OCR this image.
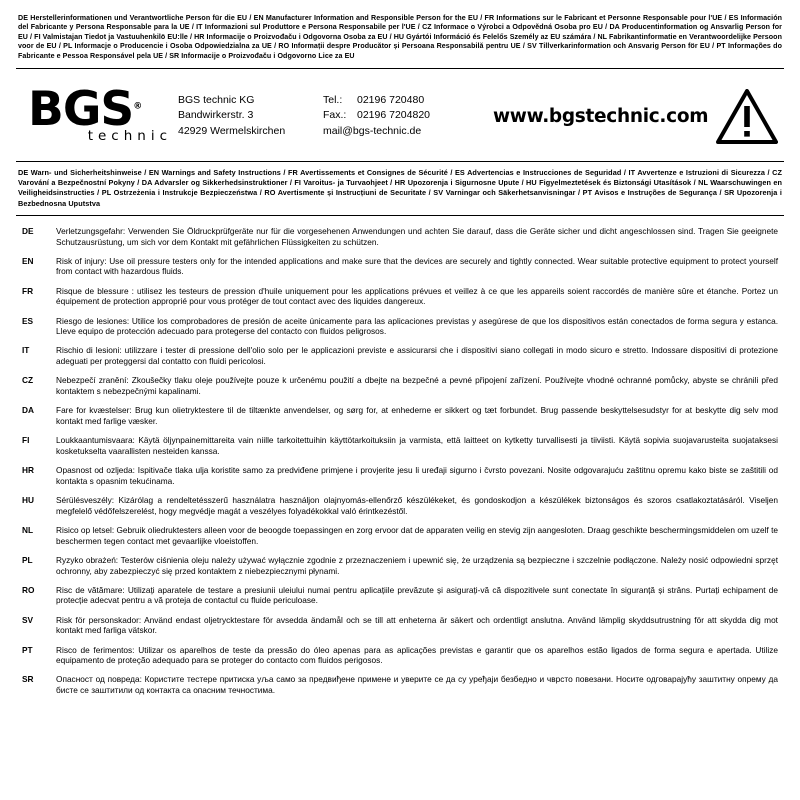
DE Herstellerinformationen und Verantwortliche Person für die EU / EN Manufacturer Information and Responsible Person for the EU / FR Informations sur le Fabricant et Personne Responsable pour l'UE / ES Información del Fabricante y Persona Responsable para la UE / IT Informazioni sul Produttore e Persona Responsabile per l'UE / CZ Informace o Výrobci a Odpovědná Osoba pro EU / DA Producentinformation og Ansvarlig Person for EU / FI Valmistajan Tiedot ja Vastuuhenkilö EU:lle / HR Informacije o Proizvođaču i Odgovorna Osoba za EU / HU Gyártói Információ és Felelős Személy az EU számára / NL Fabrikantinformatie en Verantwoordelijke Persoon voor de EU / PL Informacje o Producencie i Osoba Odpowiedzialna za UE / RO Informații despre Producător și Persoana Responsabilă pentru UE / SV Tillverkarinformation och Ansvarig Person för EU / PT Informações do Fabricante e Pessoa Responsável pela UE / SR Informacije o Proizvođaču i Odgovorno Lice za EU
BGS®
technic
BGS technic KG
Bandwirkerstr. 3
42929 Wermelskirchen
Tel.: 02196 720480
Fax.: 02196 7204820
mail@bgs-technic.de
www.bgstechnic.com
DE Warn- und Sicherheitshinweise / EN Warnings and Safety Instructions / FR Avertissements et Consignes de Sécurité / ES Advertencias e Instrucciones de Seguridad / IT Avvertenze e Istruzioni di Sicurezza / CZ Varování a Bezpečnostní Pokyny / DA Advarsler og Sikkerhedsinstruktioner / FI Varoitus- ja Turvaohjeet / HR Upozorenja i Sigurnosne Upute / HU Figyelmeztetések és Biztonsági Utasítások / NL Waarschuwingen en Veiligheidsinstructies / PL Ostrzeżenia i Instrukcje Bezpieczeństwa / RO Avertismente și Instrucțiuni de Securitate / SV Varningar och Säkerhetsanvisningar / PT Avisos e Instruções de Segurança / SR Upozorenja i Bezbednosna Uputstva
DE	Verletzungsgefahr: Verwenden Sie Öldruckprüfgeräte nur für die vorgesehenen Anwendungen und achten Sie darauf, dass die Geräte sicher und dicht angeschlossen sind. Tragen Sie geeignete Schutzausrüstung, um sich vor dem Kontakt mit gefährlichen Flüssigkeiten zu schützen.
EN	Risk of injury: Use oil pressure testers only for the intended applications and make sure that the devices are securely and tightly connected. Wear suitable protective equipment to protect yourself from contact with hazardous fluids.
FR	Risque de blessure : utilisez les testeurs de pression d'huile uniquement pour les applications prévues et veillez à ce que les appareils soient raccordés de manière sûre et étanche. Portez un équipement de protection approprié pour vous protéger de tout contact avec des liquides dangereux.
ES	Riesgo de lesiones: Utilice los comprobadores de presión de aceite únicamente para las aplicaciones previstas y asegúrese de que los dispositivos están conectados de forma segura y estanca. Lleve equipo de protección adecuado para protegerse del contacto con fluidos peligrosos.
IT	Rischio di lesioni: utilizzare i tester di pressione dell'olio solo per le applicazioni previste e assicurarsi che i dispositivi siano collegati in modo sicuro e stretto. Indossare dispositivi di protezione adeguati per proteggersi dal contatto con fluidi pericolosi.
CZ	Nebezpečí zranění: Zkoušečky tlaku oleje používejte pouze k určenému použití a dbejte na bezpečné a pevné připojení zařízení. Používejte vhodné ochranné pomůcky, abyste se chránili před kontaktem s nebezpečnými kapalinami.
DA	Fare for kvæstelser: Brug kun olietryktestere til de tiltænkte anvendelser, og sørg for, at enhederne er sikkert og tæt forbundet. Brug passende beskyttelsesudstyr for at beskytte dig selv mod kontakt med farlige væsker.
FI	Loukkaantumisvaara: Käytä öljynpainemittareita vain niille tarkoitettuihin käyttötarkoituksiin ja varmista, että laitteet on kytketty turvallisesti ja tiiviisti. Käytä sopivia suojavarusteita suojataksesi kosketukselta vaarallisten nesteiden kanssa.
HR	Opasnost od ozljeda: Ispitivače tlaka ulja koristite samo za predviđene primjene i provjerite jesu li uređaji sigurno i čvrsto povezani. Nosite odgovarajuću zaštitnu opremu kako biste se zaštitili od kontakta s opasnim tekućinama.
HU	Sérülésveszély: Kizárólag a rendeltetésszerű használatra használjon olajnyomás-ellenőrző készülékeket, és gondoskodjon a készülékek biztonságos és szoros csatlakoztatásáról. Viseljen megfelelő védőfelszerelést, hogy megvédje magát a veszélyes folyadékokkal való érintkezéstől.
NL	Risico op letsel: Gebruik oliedruktesters alleen voor de beoogde toepassingen en zorg ervoor dat de apparaten veilig en stevig zijn aangesloten. Draag geschikte beschermingsmiddelen om uzelf te beschermen tegen contact met gevaarlijke vloeistoffen.
PL	Ryzyko obrażeń: Testerów ciśnienia oleju należy używać wyłącznie zgodnie z przeznaczeniem i upewnić się, że urządzenia są bezpieczne i szczelnie podłączone. Należy nosić odpowiedni sprzęt ochronny, aby zabezpieczyć się przed kontaktem z niebezpiecznymi płynami.
RO	Risc de vătămare: Utilizați aparatele de testare a presiunii uleiului numai pentru aplicațiile prevăzute și asigurați-vă că dispozitivele sunt conectate în siguranță și strâns. Purtați echipament de protecție adecvat pentru a vă proteja de contactul cu fluide periculoase.
SV	Risk för personskador: Använd endast oljetrycktestare för avsedda ändamål och se till att enheterna är säkert och ordentligt anslutna. Använd lämplig skyddsutrustning för att skydda dig mot kontakt med farliga vätskor.
PT	Risco de ferimentos: Utilizar os aparelhos de teste da pressão do óleo apenas para as aplicações previstas e garantir que os aparelhos estão ligados de forma segura e apertada. Utilize equipamento de proteção adequado para se proteger do contacto com fluidos perigosos.
SR	Опасност од повреда: Користите тестере притиска уља само за предвиђене примене и уверите се да су уређаји безбедно и чврсто повезани. Носите одговарајућу заштитну опрему да бисте се заштитили од контакта са опасним течностима.
